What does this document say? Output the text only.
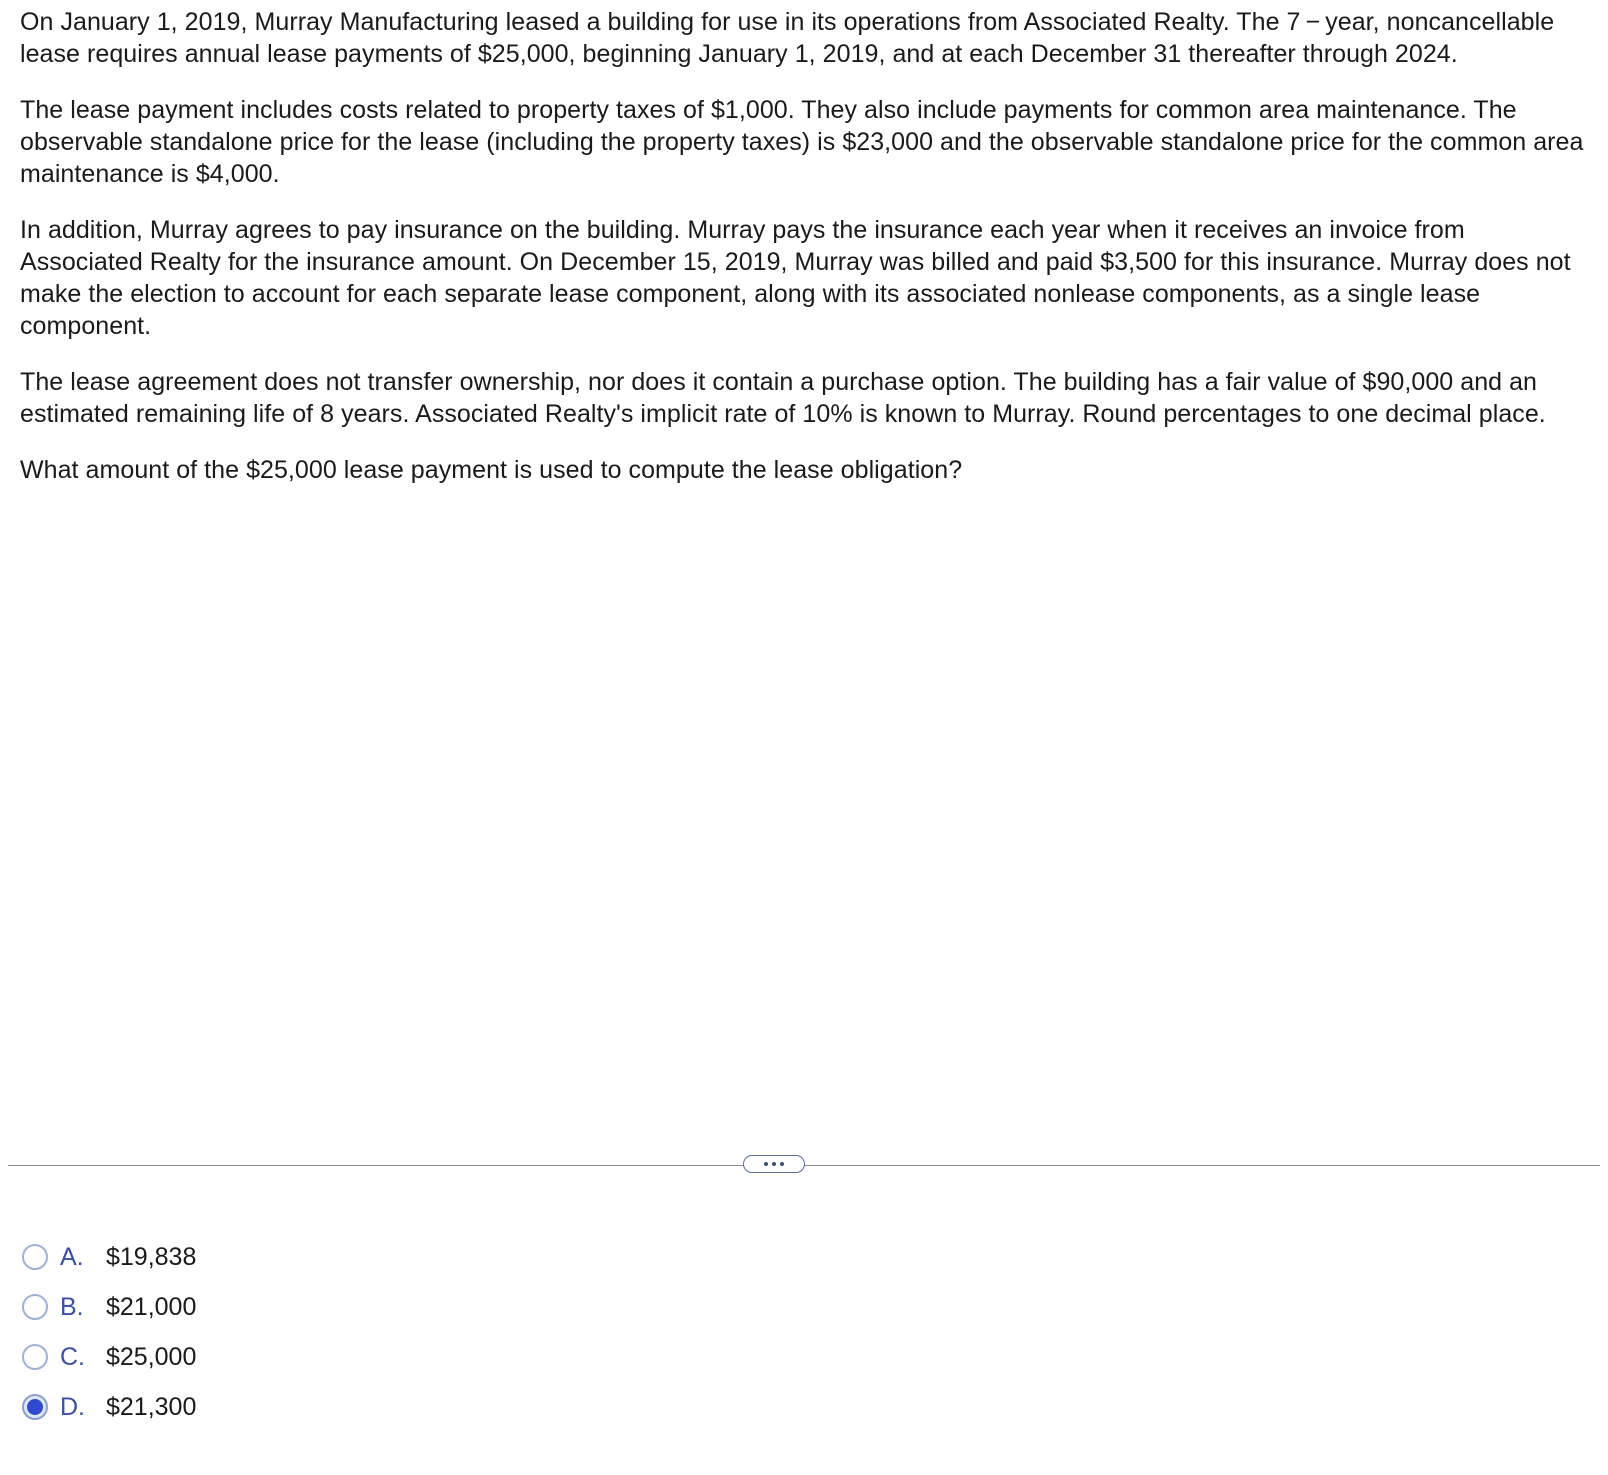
On January 1, 2019, Murray Manufacturing leased a building for use in its operations from Associated Realty. The 7 − year, noncancellable lease requires annual lease payments of $25,000, beginning January 1, 2019, and at each December 31 thereafter through 2024.

The lease payment includes costs related to property taxes of $1,000. They also include payments for common area maintenance. The observable standalone price for the lease (including the property taxes) is $23,000 and the observable standalone price for the common area maintenance is $4,000.

In addition, Murray agrees to pay insurance on the building. Murray pays the insurance each year when it receives an invoice from Associated Realty for the insurance amount. On December 15, 2019, Murray was billed and paid $3,500 for this insurance. Murray does not make the election to account for each separate lease component, along with its associated nonlease components, as a single lease component.

The lease agreement does not transfer ownership, nor does it contain a purchase option. The building has a fair value of $90,000 and an estimated remaining life of 8 years. Associated Realty's implicit rate of 10% is known to Murray. Round percentages to one decimal place.

What amount of the $25,000 lease payment is used to compute the lease obligation?

A. $19,838
B. $21,000
C. $25,000
D. $21,300
